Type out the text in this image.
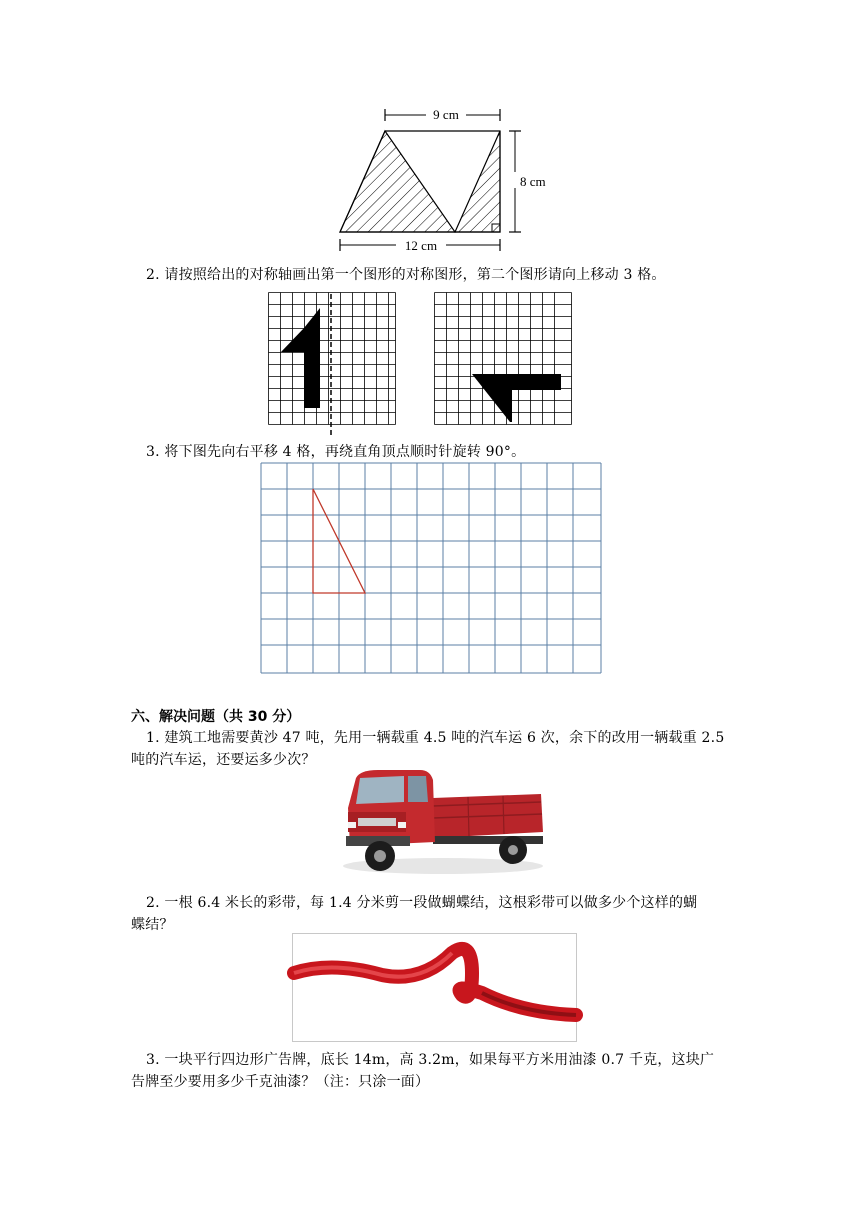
9 cm
8 cm
12 cm
2. 请按照给出的对称轴画出第一个图形的对称图形，第二个图形请向上移动 3 格。
3. 将下图先向右平移 4 格，再绕直角顶点顺时针旋转 90°。
六、解决问题（共 30 分）
1. 建筑工地需要黄沙 47 吨，先用一辆载重 4.5 吨的汽车运 6 次，余下的改用一辆载重 2.5
吨的汽车运，还要运多少次？
2. 一根 6.4 米长的彩带，每 1.4 分米剪一段做蝴蝶结，这根彩带可以做多少个这样的蝴
蝶结？
3. 一块平行四边形广告牌，底长 14m，高 3.2m，如果每平方米用油漆 0.7 千克，这块广
告牌至少要用多少千克油漆？（注：只涂一面）
